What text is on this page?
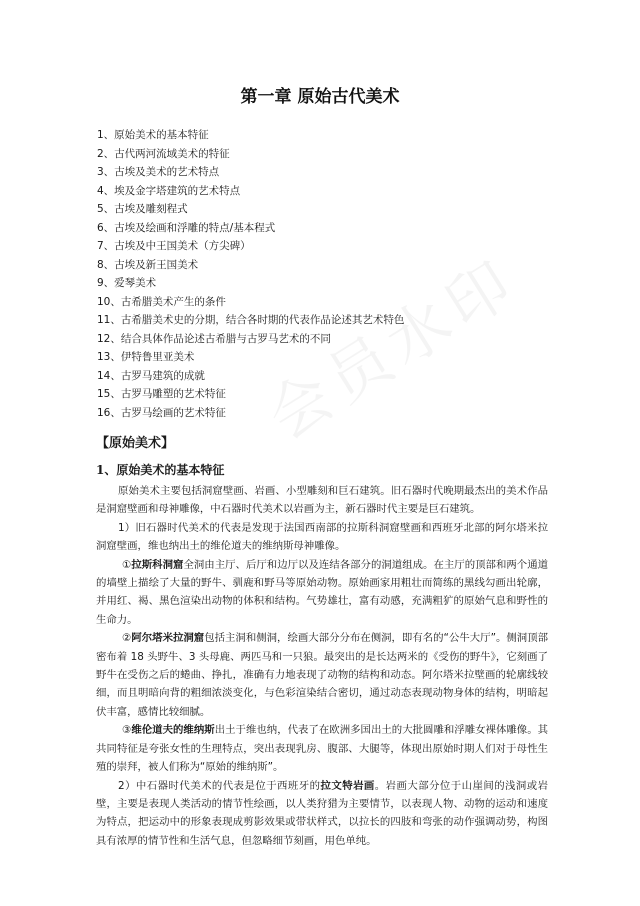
第一章 原始古代美术
1、原始美术的基本特征
2、古代两河流域美术的特征
3、古埃及美术的艺术特点
4、埃及金字塔建筑的艺术特点
5、古埃及雕刻程式
6、古埃及绘画和浮雕的特点/基本程式
7、古埃及中王国美术（方尖碑）
8、古埃及新王国美术
9、爱琴美术
10、古希腊美术产生的条件
11、古希腊美术史的分期，结合各时期的代表作品论述其艺术特色
12、结合具体作品论述古希腊与古罗马艺术的不同
13、伊特鲁里亚美术
14、古罗马建筑的成就
15、古罗马雕塑的艺术特征
16、古罗马绘画的艺术特征
【原始美术】
1、原始美术的基本特征

原始美术主要包括洞窟壁画、岩画、小型雕刻和巨石建筑。旧石器时代晚期最杰出的美术作品是洞窟壁画和母神雕像，中石器时代美术以岩画为主，新石器时代主要是巨石建筑。

1）旧石器时代美术的代表是发现于法国西南部的拉斯科洞窟壁画和西班牙北部的阿尔塔米拉洞窟壁画，维也纳出土的维伦道夫的维纳斯母神雕像。

①拉斯科洞窟全洞由主厅、后厅和边厅以及连结各部分的洞道组成。在主厅的顶部和两个通道的墙壁上描绘了大量的野牛、驯鹿和野马等原始动物。原始画家用粗壮而简练的黑线勾画出轮廓，并用红、褐、黑色渲染出动物的体积和结构。气势雄壮，富有动感，充满粗犷的原始气息和野性的生命力。

②阿尔塔米拉洞窟包括主洞和侧洞，绘画大部分分布在侧洞，即有名的“公牛大厅”。侧洞顶部密布着 18 头野牛、3 头母鹿、两匹马和一只狼。最突出的是长达两米的《受伤的野牛》，它刻画了野牛在受伤之后的蜷曲、挣扎，准确有力地表现了动物的结构和动态。阿尔塔米拉壁画的轮廓线较细，而且明暗向背的粗细浓淡变化，与色彩渲染结合密切，通过动态表现动物身体的结构，明暗起伏丰富，感情比较细腻。

③维伦道夫的维纳斯出土于维也纳，代表了在欧洲多国出土的大批圆雕和浮雕女裸体雕像。其共同特征是夸张女性的生理特点，突出表现乳房、腹部、大腿等，体现出原始时期人们对于母性生殖的崇拜，被人们称为“原始的维纳斯”。

2）中石器时代美术的代表是位于西班牙的拉文特岩画。岩画大部分位于山崖间的浅洞或岩壁，主要是表现人类活动的情节性绘画，以人类狩猎为主要情节，以表现人物、动物的运动和速度为特点，把运动中的形象表现成剪影效果或带状样式，以拉长的四肢和弯张的动作强调动势，构图具有浓厚的情节性和生活气息，但忽略细节刻画，用色单纯。
